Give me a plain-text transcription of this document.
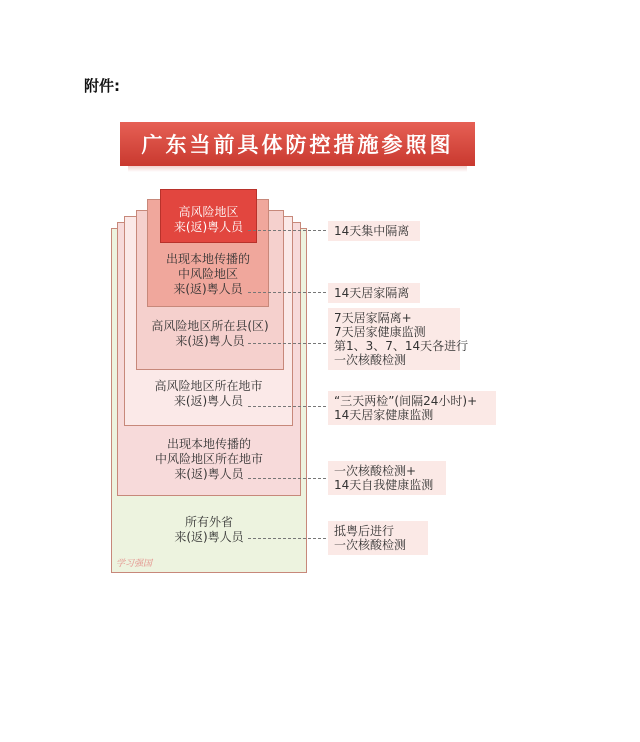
附件:
广东当前具体防控措施参照图
所有外省
来(返)粤人员
出现本地传播的
中风险地区所在地市
来(返)粤人员
高风险地区所在地市
来(返)粤人员
高风险地区所在县(区)
来(返)粤人员
出现本地传播的
中风险地区
来(返)粤人员
高风险地区
来(返)粤人员	14天集中隔离
14天居家隔离
7天居家隔离+
7天居家健康监测
第1、3、7、14天各进行
一次核酸检测
“三天两检”(间隔24小时)+
14天居家健康监测
一次核酸检测+
14天自我健康监测
抵粤后进行
一次核酸检测
学习强国
